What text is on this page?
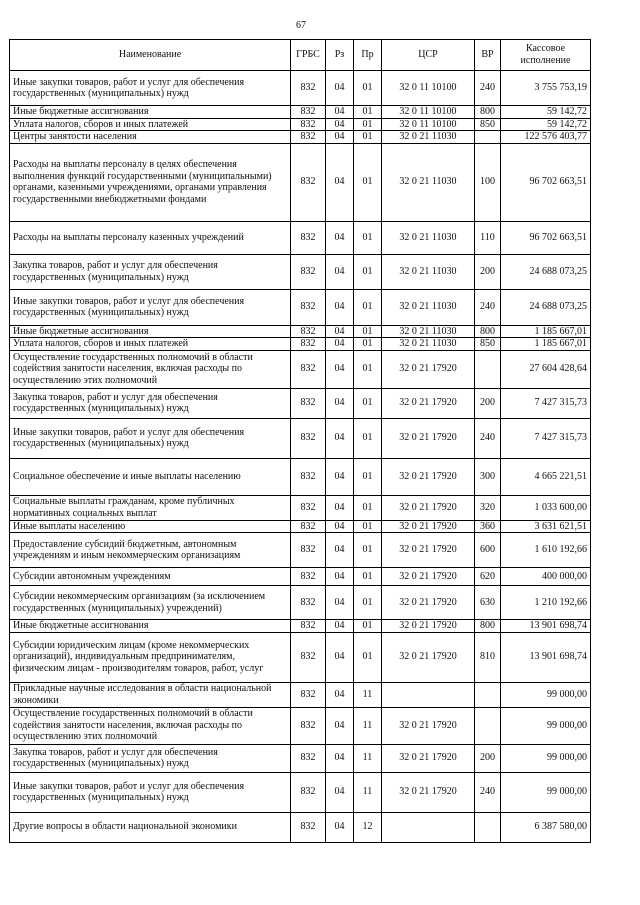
67
Наименование	ГРБС	Рз	Пр	ЦСР	ВР	Кассовое исполнение
Иные закупки товаров, работ и услуг для обеспечения государственных (муниципальных) нужд	832	04	01	32 0 11 10100	240	3 755 753,19
Иные бюджетные ассигнования	832	04	01	32 0 11 10100	800	59 142,72
Уплата налогов, сборов и иных платежей	832	04	01	32 0 11 10100	850	59 142,72
Центры занятости населения	832	04	01	32 0 21 11030		122 576 403,77
Расходы на выплаты персоналу в целях обеспечения выполнения функций государственными (муниципальными) органами, казенными учреждениями, органами управления государственными внебюджетными фондами	832	04	01	32 0 21 11030	100	96 702 663,51
Расходы на выплаты персоналу казенных учреждений	832	04	01	32 0 21 11030	110	96 702 663,51
Закупка товаров, работ и услуг для обеспечения государственных (муниципальных) нужд	832	04	01	32 0 21 11030	200	24 688 073,25
Иные закупки товаров, работ и услуг для обеспечения государственных (муниципальных) нужд	832	04	01	32 0 21 11030	240	24 688 073,25
Иные бюджетные ассигнования	832	04	01	32 0 21 11030	800	1 185 667,01
Уплата налогов, сборов и иных платежей	832	04	01	32 0 21 11030	850	1 185 667,01
Осуществление государственных полномочий в области содействия занятости населения, включая расходы по осуществлению этих полномочий	832	04	01	32 0 21 17920		27 604 428,64
Закупка товаров, работ и услуг для обеспечения государственных (муниципальных) нужд	832	04	01	32 0 21 17920	200	7 427 315,73
Иные закупки товаров, работ и услуг для обеспечения государственных (муниципальных) нужд	832	04	01	32 0 21 17920	240	7 427 315,73
Социальное обеспечение и иные выплаты населению	832	04	01	32 0 21 17920	300	4 665 221,51
Социальные выплаты гражданам, кроме публичных нормативных социальных выплат	832	04	01	32 0 21 17920	320	1 033 600,00
Иные выплаты населению	832	04	01	32 0 21 17920	360	3 631 621,51
Предоставление субсидий бюджетным, автономным учреждениям и иным некоммерческим организациям	832	04	01	32 0 21 17920	600	1 610 192,66
Субсидии автономным учреждениям	832	04	01	32 0 21 17920	620	400 000,00
Субсидии некоммерческим организациям (за исключением государственных (муниципальных) учреждений)	832	04	01	32 0 21 17920	630	1 210 192,66
Иные бюджетные ассигнования	832	04	01	32 0 21 17920	800	13 901 698,74
Субсидии юридическим лицам (кроме некоммерческих организаций), индивидуальным предпринимателям, физическим лицам - производителям товаров, работ, услуг	832	04	01	32 0 21 17920	810	13 901 698,74
Прикладные научные исследования в области национальной экономики	832	04	11			99 000,00
Осуществление государственных полномочий в области содействия занятости населения, включая расходы по осуществлению этих полномочий	832	04	11	32 0 21 17920		99 000,00
Закупка товаров, работ и услуг для обеспечения государственных (муниципальных) нужд	832	04	11	32 0 21 17920	200	99 000,00
Иные закупки товаров, работ и услуг для обеспечения государственных (муниципальных) нужд	832	04	11	32 0 21 17920	240	99 000,00
Другие вопросы в области национальной экономики	832	04	12			6 387 580,00
